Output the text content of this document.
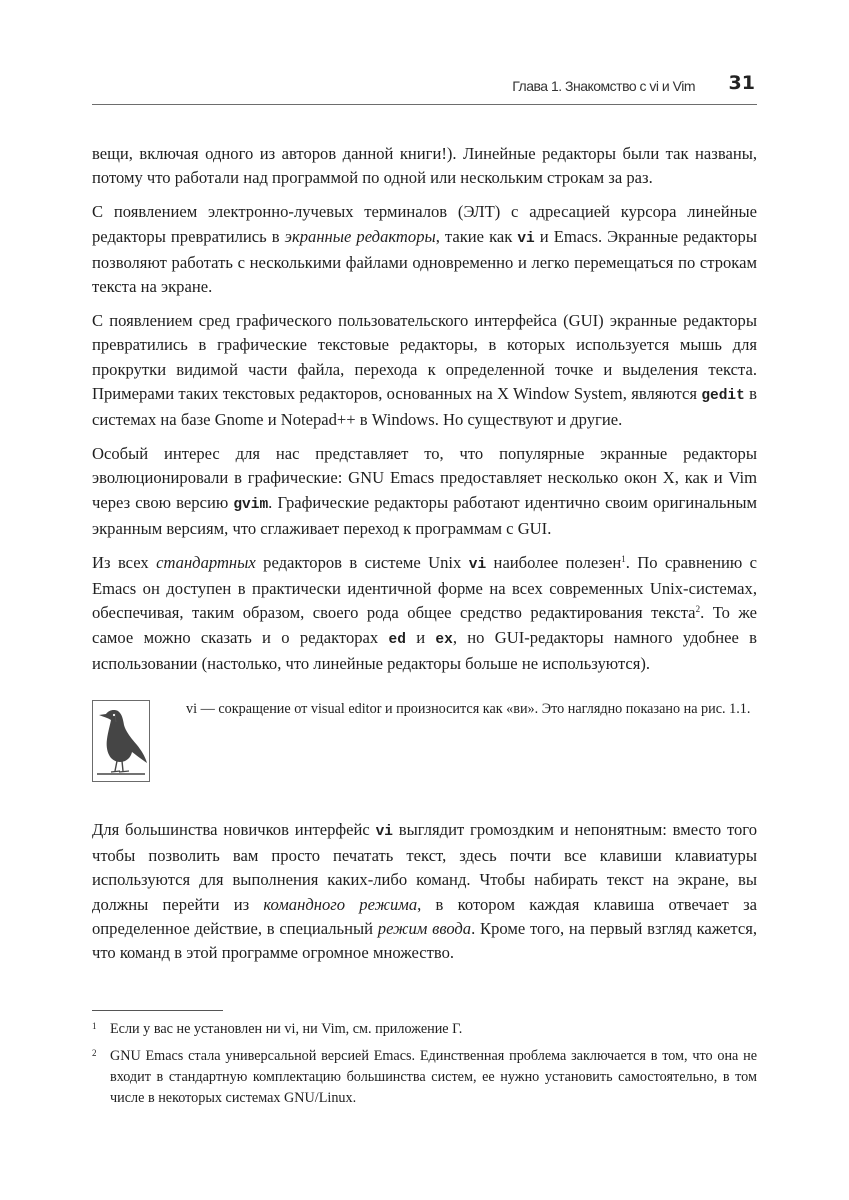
Глава 1. Знакомство с vi и Vim 31

вещи, включая одного из авторов данной книги!). Линейные редакторы были так названы, потому что работали над программой по одной или нескольким строкам за раз.

С появлением электронно-лучевых терминалов (ЭЛТ) с адресацией курсора линейные редакторы превратились в экранные редакторы, такие как vi и Emacs. Экранные редакторы позволяют работать с несколькими файлами одновременно и легко перемещаться по строкам текста на экране.

С появлением сред графического пользовательского интерфейса (GUI) экранные редакторы превратились в графические текстовые редакторы, в которых используется мышь для прокрутки видимой части файла, перехода к определенной точке и выделения текста. Примерами таких текстовых редакторов, основанных на X Window System, являются gedit в системах на базе Gnome и Notepad++ в Windows. Но существуют и другие.

Особый интерес для нас представляет то, что популярные экранные редакторы эволюционировали в графические: GNU Emacs предоставляет несколько окон X, как и Vim через свою версию gvim. Графические редакторы работают идентично своим оригинальным экранным версиям, что сглаживает переход к программам с GUI.

Из всех стандартных редакторов в системе Unix vi наиболее полезен$^1$. По сравнению с Emacs он доступен в практически идентичной форме на всех современных Unix-системах, обеспечивая, таким образом, своего рода общее средство редактирования текста$^2$. То же самое можно сказать и о редакторах ed и ex, но GUI-редакторы намного удобнее в использовании (настолько, что линейные редакторы больше не используются).

vi — сокращение от visual editor и произносится как «ви». Это наглядно показано на рис. 1.1.

Для большинства новичков интерфейс vi выглядит громоздким и непонятным: вместо того чтобы позволить вам просто печатать текст, здесь почти все клавиши клавиатуры используются для выполнения каких-либо команд. Чтобы набирать текст на экране, вы должны перейти из командного режима, в котором каждая клавиша отвечает за определенное действие, в специальный режим ввода. Кроме того, на первый взгляд кажется, что команд в этой программе огромное множество.

1 Если у вас не установлен ни vi, ни Vim, см. приложение Г.
2 GNU Emacs стала универсальной версией Emacs. Единственная проблема заключается в том, что она не входит в стандартную комплектацию большинства систем, ее нужно установить самостоятельно, в том числе в некоторых системах GNU/Linux.
